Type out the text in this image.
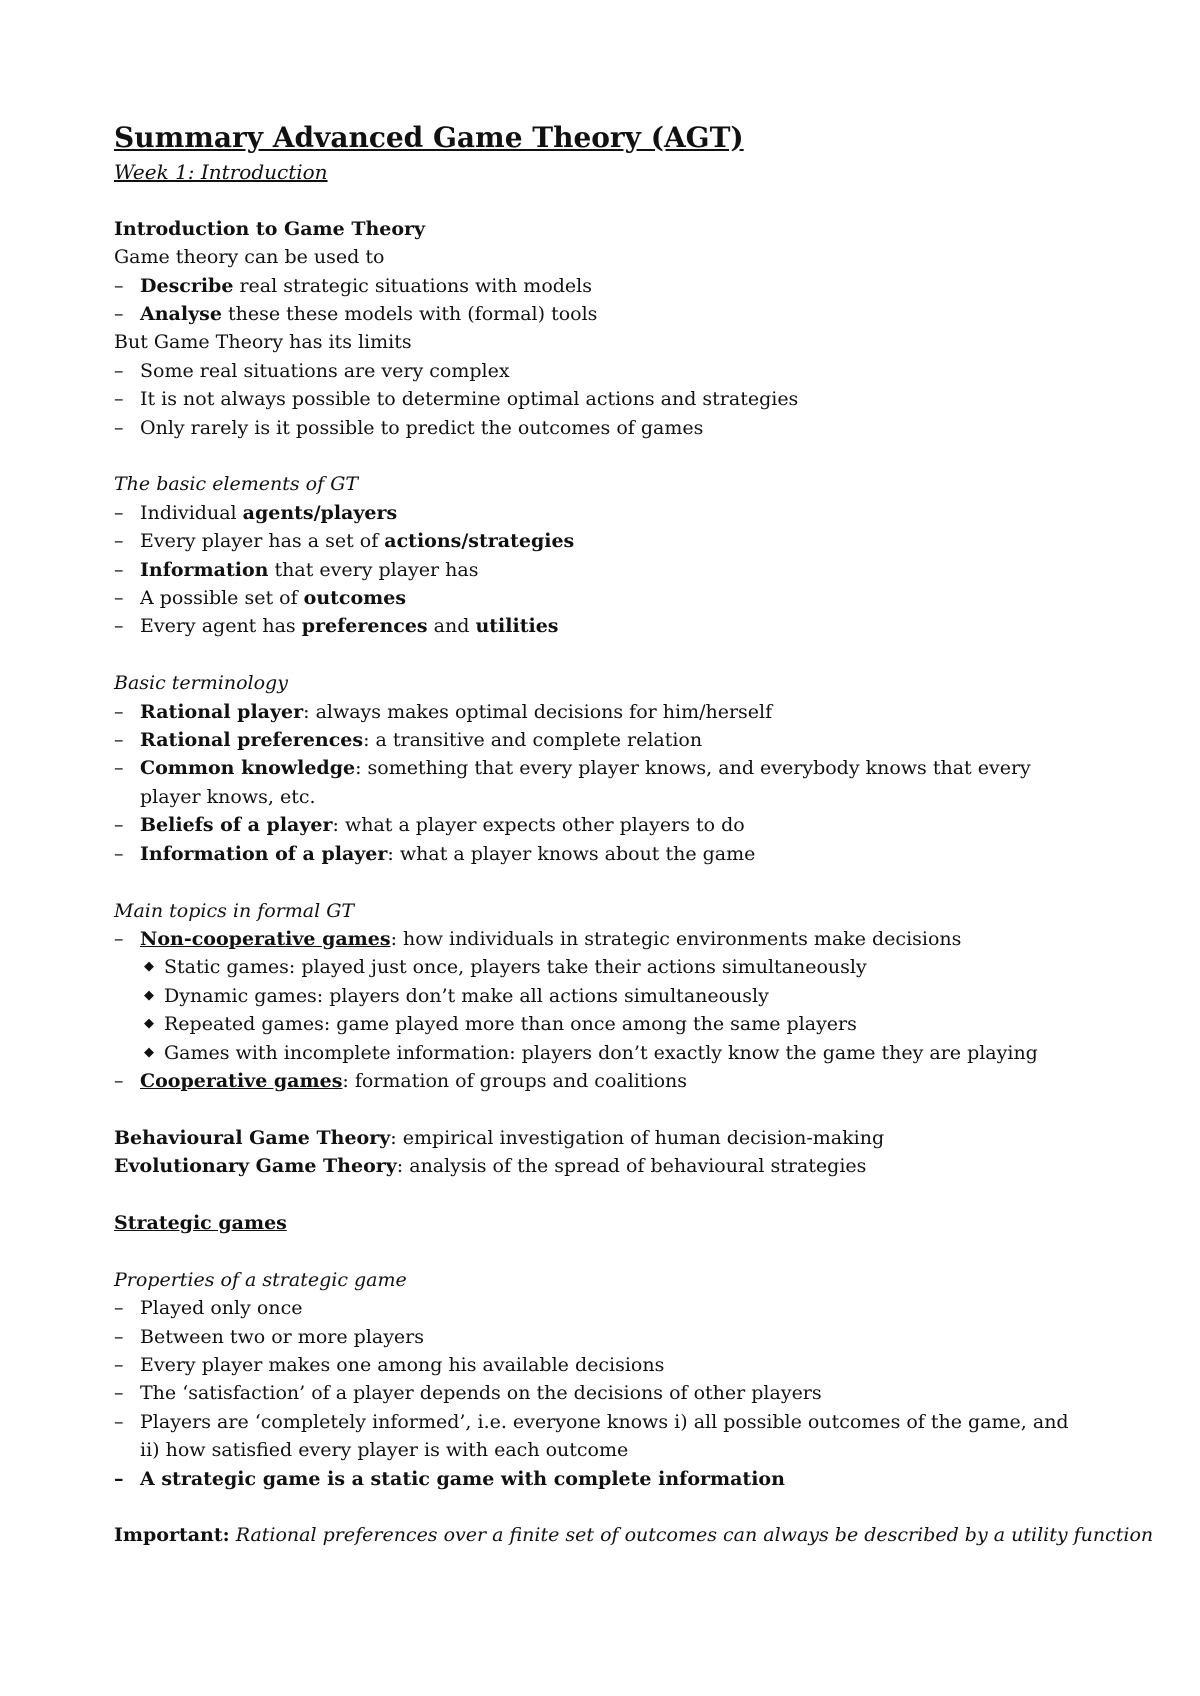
Summary Advanced Game Theory (AGT)

Week 1: Introduction

Introduction to Game Theory

Game theory can be used to

– Describe real strategic situations with models

– Analyse these these models with (formal) tools

But Game Theory has its limits

– Some real situations are very complex

– It is not always possible to determine optimal actions and strategies

– Only rarely is it possible to predict the outcomes of games

The basic elements of GT

– Individual agents/players

– Every player has a set of actions/strategies

– Information that every player has

– A possible set of outcomes

– Every agent has preferences and utilities

Basic terminology

– Rational player: always makes optimal decisions for him/herself

– Rational preferences: a transitive and complete relation

– Common knowledge: something that every player knows, and everybody knows that every

player knows, etc.

– Beliefs of a player: what a player expects other players to do

– Information of a player: what a player knows about the game

Main topics in formal GT

– Non-cooperative games: how individuals in strategic environments make decisions

◆ Static games: played just once, players take their actions simultaneously

◆ Dynamic games: players don’t make all actions simultaneously

◆ Repeated games: game played more than once among the same players

◆ Games with incomplete information: players don’t exactly know the game they are playing

– Cooperative games: formation of groups and coalitions

Behavioural Game Theory: empirical investigation of human decision-making

Evolutionary Game Theory: analysis of the spread of behavioural strategies

Strategic games

Properties of a strategic game

– Played only once

– Between two or more players

– Every player makes one among his available decisions

– The ‘satisfaction’ of a player depends on the decisions of other players

– Players are ‘completely informed’, i.e. everyone knows i) all possible outcomes of the game, and

ii) how satisfied every player is with each outcome

– A strategic game is a static game with complete information

Important: Rational preferences over a finite set of outcomes can always be described by a utility function
